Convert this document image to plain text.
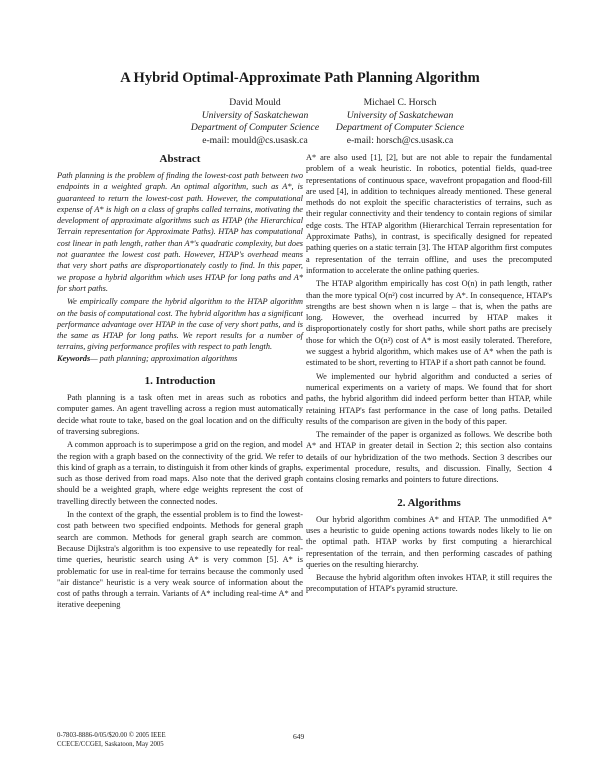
A Hybrid Optimal-Approximate Path Planning Algorithm
David Mould
University of Saskatchewan
Department of Computer Science
e-mail: mould@cs.usask.ca
Michael C. Horsch
University of Saskatchewan
Department of Computer Science
e-mail: horsch@cs.usask.ca
Abstract

Path planning is the problem of finding the lowest-cost path between two endpoints in a weighted graph. An optimal algorithm, such as A*, is guaranteed to return the lowest-cost path. However, the computational expense of A* is high on a class of graphs called terrains, motivating the development of approximate algorithms such as HTAP (the Hierarchical Terrain representation for Approximate Paths). HTAP has computational cost linear in path length, rather than A*'s quadratic complexity, but does not guarantee the lowest cost path. However, HTAP's overhead means that very short paths are disproportionately costly to find. In this paper, we propose a hybrid algorithm which uses HTAP for long paths and A* for short paths.

We empirically compare the hybrid algorithm to the HTAP algorithm on the basis of computational cost. The hybrid algorithm has a significant performance advantage over HTAP in the case of very short paths, and is the same as HTAP for long paths. We report results for a number of terrains, giving performance profiles with respect to path length.

Keywords— path planning; approximation algorithms

1. Introduction

Path planning is a task often met in areas such as robotics and computer games. An agent travelling across a region must automatically decide what route to take, based on the goal location and on the difficulty of traversing subregions.

A common approach is to superimpose a grid on the region, and model the region with a graph based on the connectivity of the grid. We refer to this kind of graph as a terrain, to distinguish it from other kinds of graphs, such as those derived from road maps. Also note that the derived graph should be a weighted graph, where edge weights represent the cost of travelling directly between the connected nodes.

In the context of the graph, the essential problem is to find the lowest-cost path between two specified endpoints. Methods for general graph search are common. Methods for general graph search are common. Because Dijkstra's algorithm is too expensive to use repeatedly for real-time queries, heuristic search using A* is very common [5]. A* is problematic for use in real-time for terrains because the commonly used "air distance" heuristic is a very weak source of information about the cost of paths through a terrain. Variants of A* including real-time A* and iterative deepening

A* are also used [1], [2], but are not able to repair the fundamental problem of a weak heuristic. In robotics, potential fields, quad-tree representations of continuous space, wavefront propagation and flood-fill are used [4], in addition to techniques already mentioned. These general methods do not exploit the specific characteristics of terrains, such as their regular connectivity and their tendency to contain regions of similar edge costs. The HTAP algorithm (Hierarchical Terrain representation for Approximate Paths), in contrast, is specifically designed for repeated pathing queries on a static terrain [3]. The HTAP algorithm first computes a representation of the terrain offline, and uses the precomputed information to accelerate the online pathing queries.

The HTAP algorithm empirically has cost O(n) in path length, rather than the more typical O(n²) cost incurred by A*. In consequence, HTAP's strengths are best shown when n is large – that is, when the paths are long. However, the overhead incurred by HTAP makes it disproportionately costly for short paths, while short paths are precisely those for which the O(n²) cost of A* is most easily tolerated. Therefore, we suggest a hybrid algorithm, which makes use of A* when the path is estimated to be short, reverting to HTAP if a short path cannot be found.

We implemented our hybrid algorithm and conducted a series of numerical experiments on a variety of maps. We found that for short paths, the hybrid algorithm did indeed perform better than HTAP, while retaining HTAP's fast performance in the case of long paths. Detailed results of the comparison are given in the body of this paper.

The remainder of the paper is organized as follows. We describe both A* and HTAP in greater detail in Section 2; this section also contains details of our hybridization of the two methods. Section 3 describes our experimental procedure, results, and discussion. Finally, Section 4 contains closing remarks and pointers to future directions.

2. Algorithms

Our hybrid algorithm combines A* and HTAP. The unmodified A* uses a heuristic to guide opening actions towards nodes likely to lie on the optimal path. HTAP works by first computing a hierarchical representation of the terrain, and then performing cascades of pathing queries on the resulting hierarchy.

Because the hybrid algorithm often invokes HTAP, it still requires the precomputation of HTAP's pyramid structure.

0-7803-8886-0/05/$20.00 © 2005 IEEE
CCECE/CCGEI, Saskatoon, May 2005
649
